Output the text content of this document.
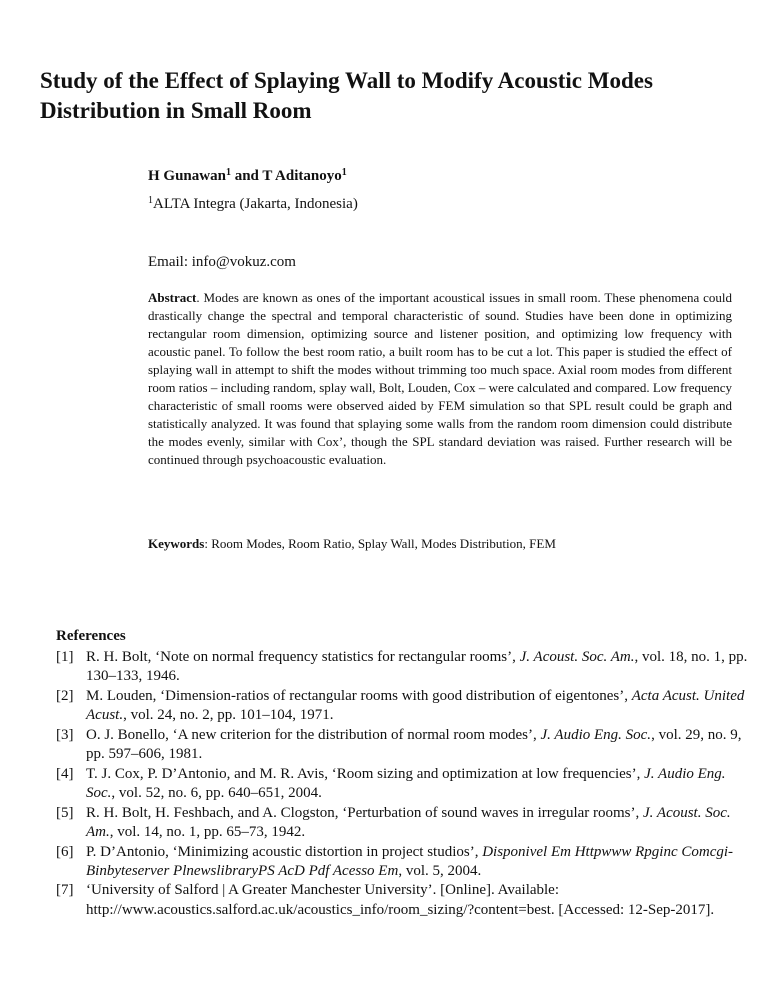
Study of the Effect of Splaying Wall to Modify Acoustic Modes Distribution in Small Room
H Gunawan$^1$ and T Aditanoyo$^1$
$^1$ALTA Integra (Jakarta, Indonesia)
Email: info@vokuz.com
Abstract. Modes are known as ones of the important acoustical issues in small room. These phenomena could drastically change the spectral and temporal characteristic of sound. Studies have been done in optimizing rectangular room dimension, optimizing source and listener position, and optimizing low frequency with acoustic panel. To follow the best room ratio, a built room has to be cut a lot. This paper is studied the effect of splaying wall in attempt to shift the modes without trimming too much space. Axial room modes from different room ratios – including random, splay wall, Bolt, Louden, Cox – were calculated and compared. Low frequency characteristic of small rooms were observed aided by FEM simulation so that SPL result could be graph and statistically analyzed. It was found that splaying some walls from the random room dimension could distribute the modes evenly, similar with Cox’, though the SPL standard deviation was raised. Further research will be continued through psychoacoustic evaluation.
Keywords: Room Modes, Room Ratio, Splay Wall, Modes Distribution, FEM
References
[1] R. H. Bolt, ‘Note on normal frequency statistics for rectangular rooms’, J. Acoust. Soc. Am., vol. 18, no. 1, pp. 130–133, 1946.
[2] M. Louden, ‘Dimension-ratios of rectangular rooms with good distribution of eigentones’, Acta Acust. United Acust., vol. 24, no. 2, pp. 101–104, 1971.
[3] O. J. Bonello, ‘A new criterion for the distribution of normal room modes’, J. Audio Eng. Soc., vol. 29, no. 9, pp. 597–606, 1981.
[4] T. J. Cox, P. D’Antonio, and M. R. Avis, ‘Room sizing and optimization at low frequencies’, J. Audio Eng. Soc., vol. 52, no. 6, pp. 640–651, 2004.
[5] R. H. Bolt, H. Feshbach, and A. Clogston, ‘Perturbation of sound waves in irregular rooms’, J. Acoust. Soc. Am., vol. 14, no. 1, pp. 65–73, 1942.
[6] P. D’Antonio, ‘Minimizing acoustic distortion in project studios’, Disponivel Em Httpwww Rpginc Comcgi-Binbyteserver PlnewslibraryPS AcD Pdf Acesso Em, vol. 5, 2004.
[7] ‘University of Salford | A Greater Manchester University’. [Online]. Available: http://www.acoustics.salford.ac.uk/acoustics_info/room_sizing/?content=best. [Accessed: 12-Sep-2017].
